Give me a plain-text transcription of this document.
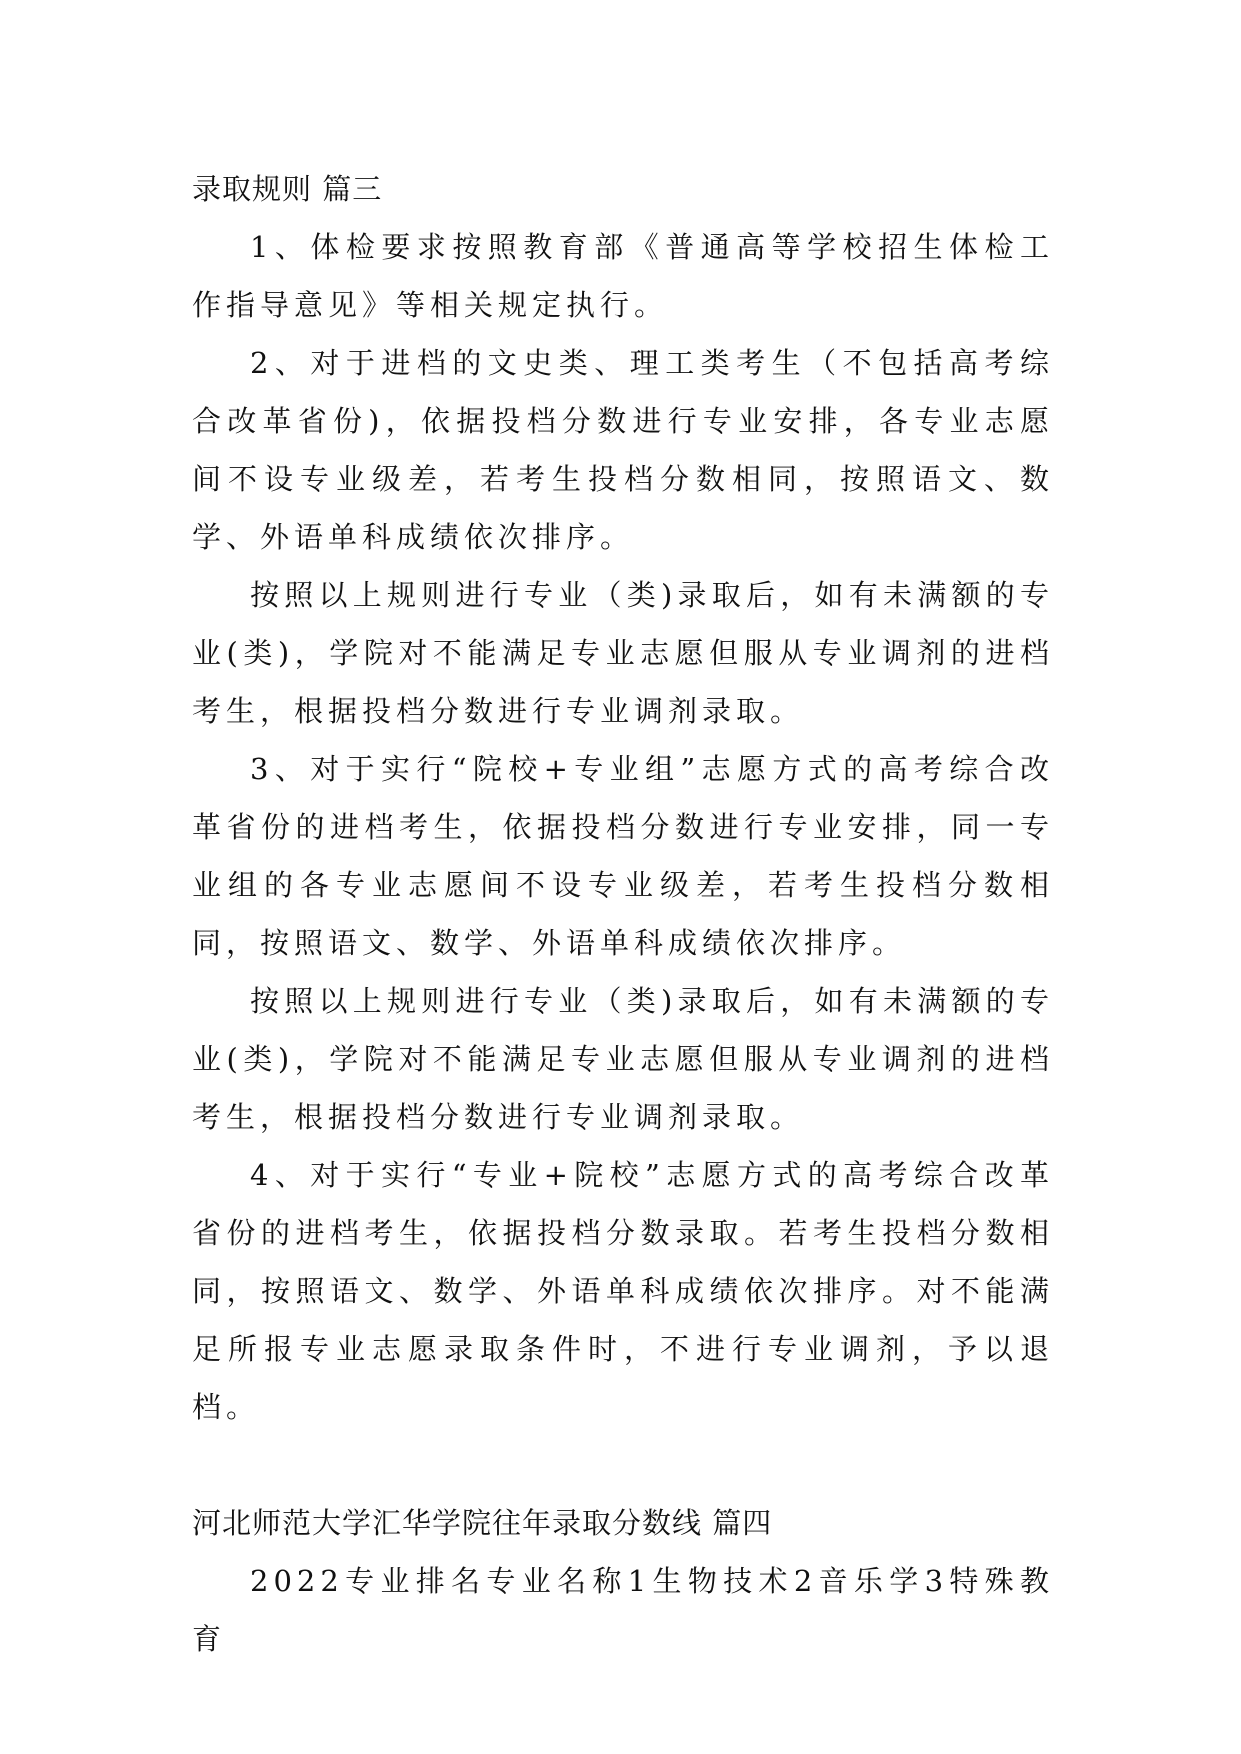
录取规则 篇三

1、体检要求按照教育部《普通高等学校招生体检工作指导意见》等相关规定执行。

2、对于进档的文史类、理工类考生（不包括高考综合改革省份)，依据投档分数进行专业安排，各专业志愿间不设专业级差，若考生投档分数相同，按照语文、数学、外语单科成绩依次排序。

按照以上规则进行专业（类)录取后，如有未满额的专业(类)，学院对不能满足专业志愿但服从专业调剂的进档考生，根据投档分数进行专业调剂录取。

3、对于实行“院校+专业组”志愿方式的高考综合改革省份的进档考生，依据投档分数进行专业安排，同一专业组的各专业志愿间不设专业级差，若考生投档分数相同，按照语文、数学、外语单科成绩依次排序。

按照以上规则进行专业（类)录取后，如有未满额的专业(类)，学院对不能满足专业志愿但服从专业调剂的进档考生，根据投档分数进行专业调剂录取。

4、对于实行“专业+院校”志愿方式的高考综合改革省份的进档考生，依据投档分数录取。若考生投档分数相同，按照语文、数学、外语单科成绩依次排序。对不能满足所报专业志愿录取条件时，不进行专业调剂，予以退档。

河北师范大学汇华学院往年录取分数线 篇四

2022专业排名专业名称1生物技术2音乐学3特殊教育
